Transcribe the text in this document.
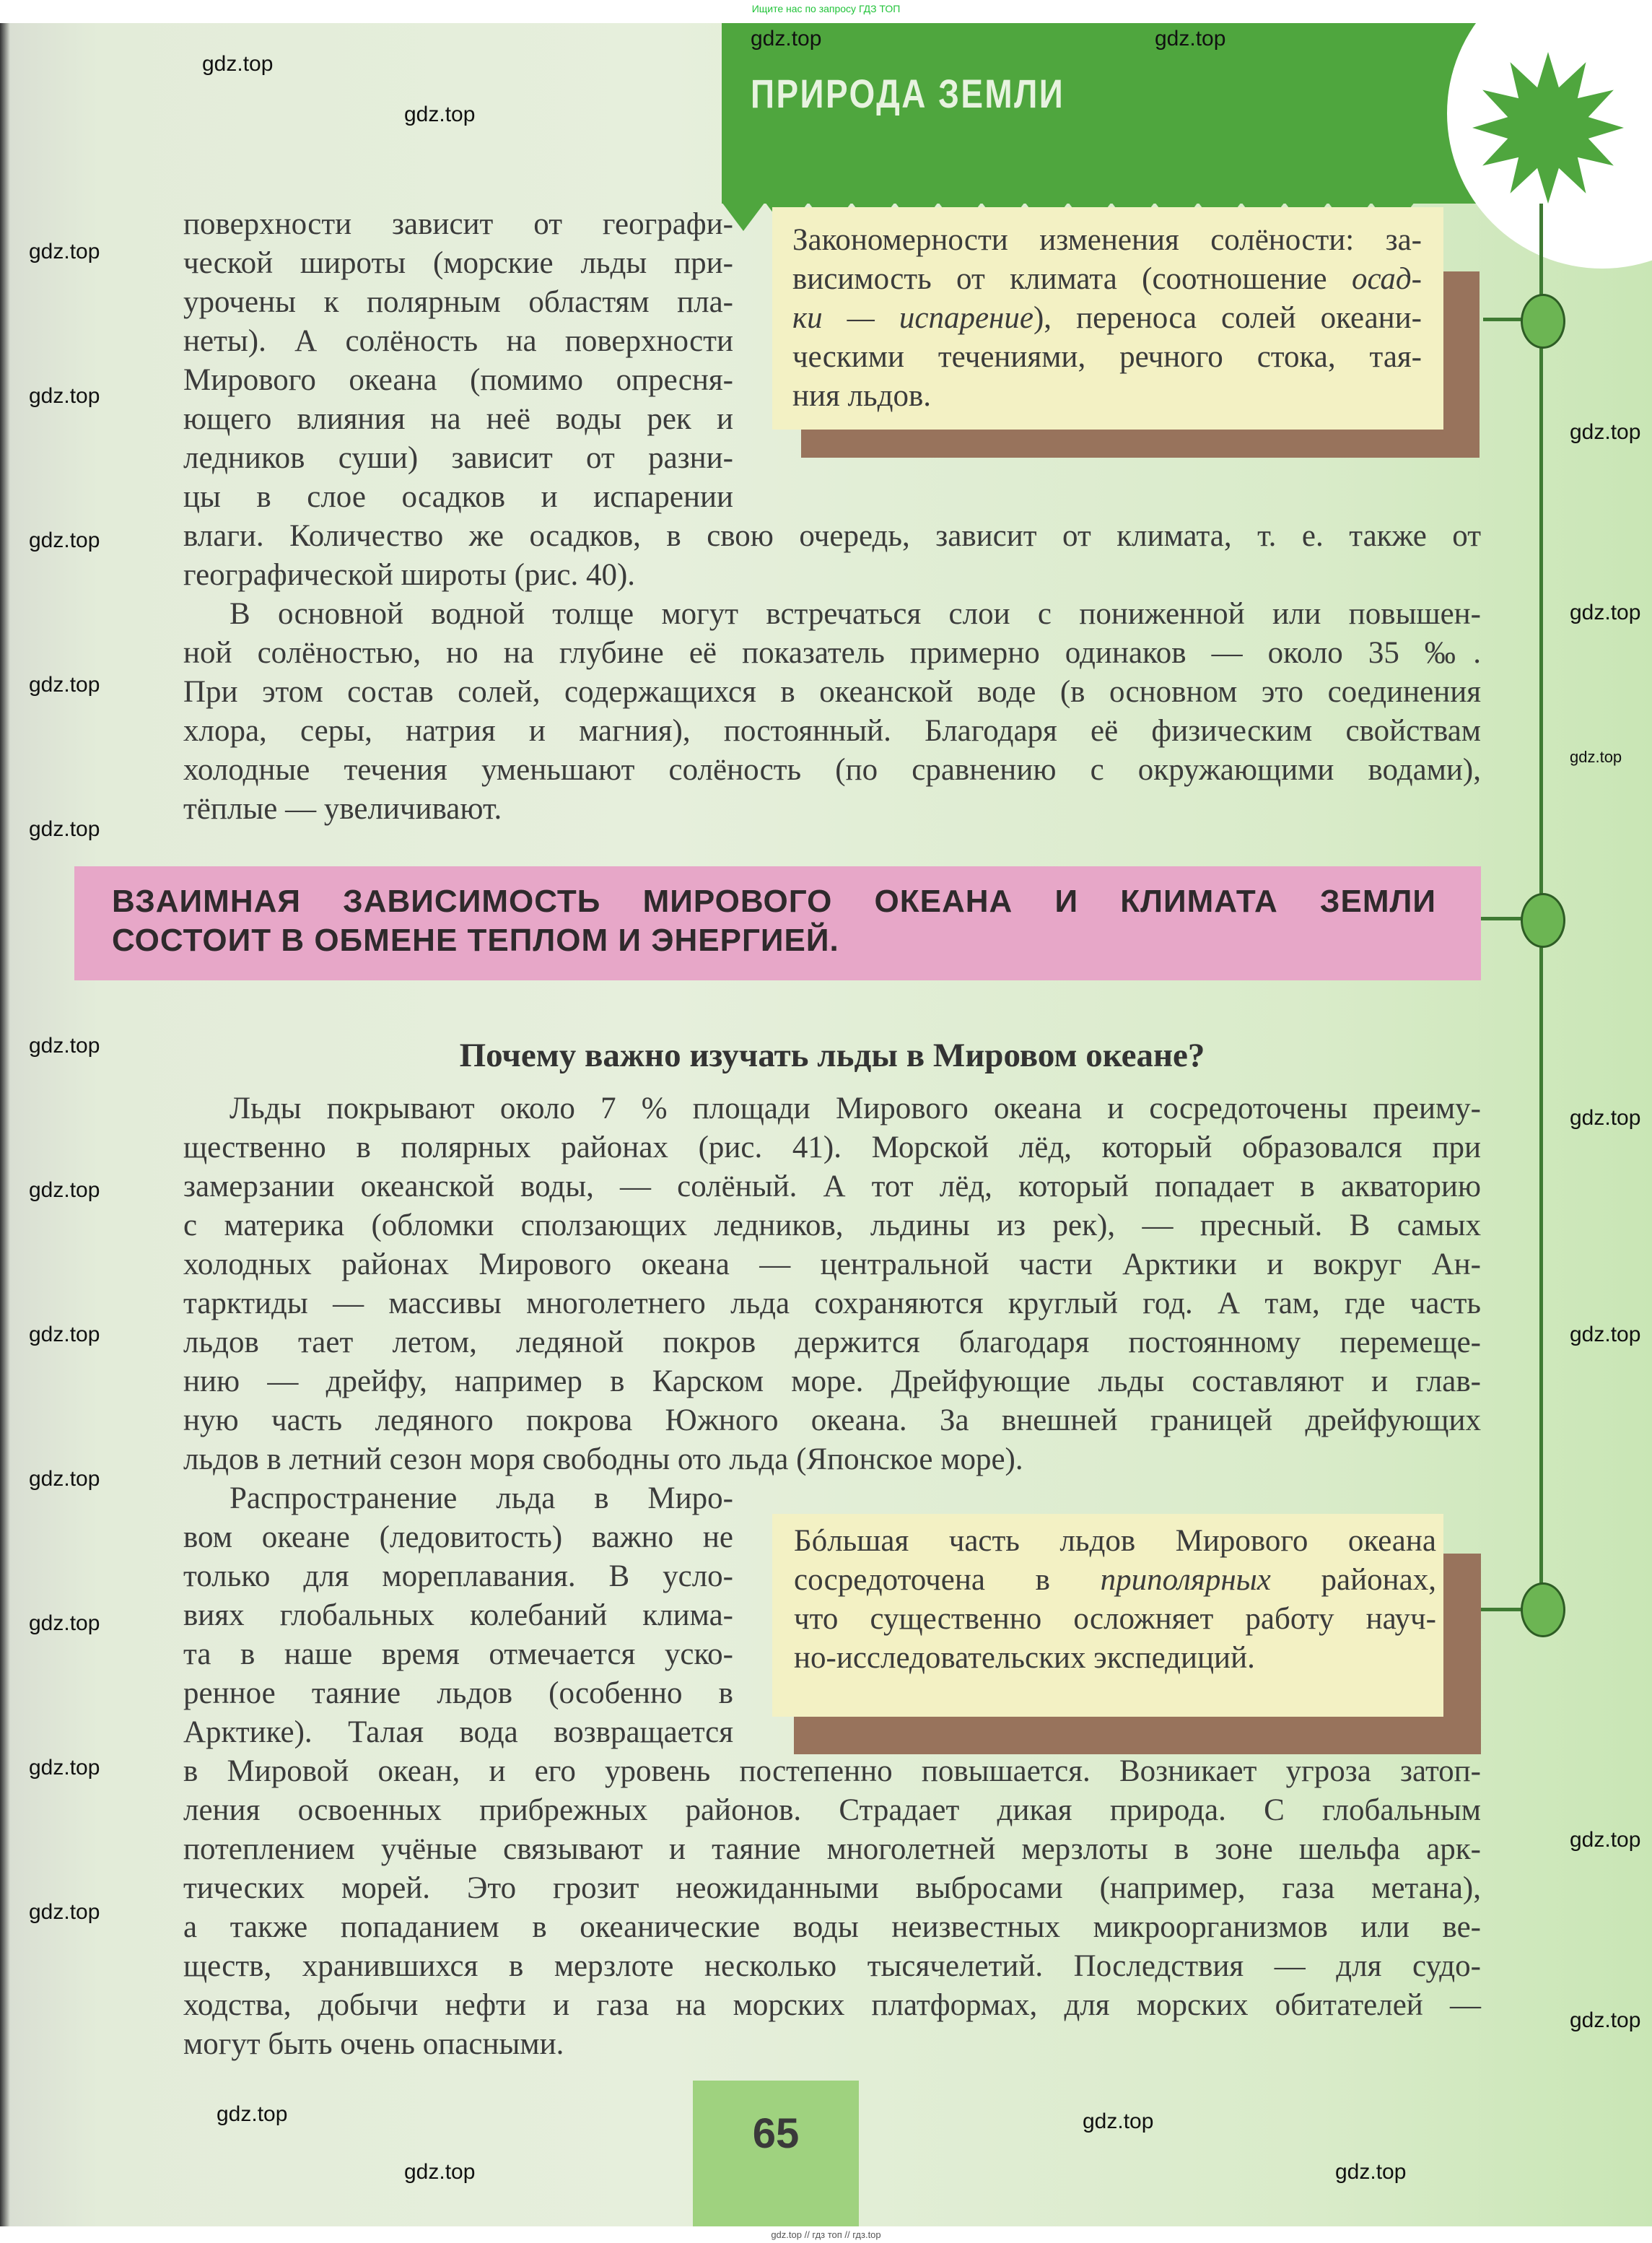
Ищите нас по запросу ГДЗ ТОП
ПРИРОДА ЗЕМЛИ
поверхности зависит от географи-
ческой широты (морские льды при-
урочены к полярным областям пла-
неты). А солёность на поверхности
Мирового океана (помимо опресня-
ющего влияния на неё воды рек и
ледников суши) зависит от разни-
цы в слое осадков и испарении
влаги. Количество же осадков, в свою очередь, зависит от климата, т. е. также от
географической широты (рис. 40).
В основной водной толще могут встречаться слои с пониженной или повышен-
ной солёностью, но на глубине её показатель примерно одинаков — около 35 ‰.
При этом состав солей, содержащихся в океанской воде (в основном это соединения
хлора, серы, натрия и магния), постоянный. Благодаря её физическим свойствам
холодные течения уменьшают солёность (по сравнению с окружающими водами),
тёплые — увеличивают.
Закономерности изменения солёности: за-
висимость от климата (соотношение осад-
ки — испарение), переноса солей океани-
ческими течениями, речного стока, тая-
ния льдов.
ВЗАИМНАЯ ЗАВИСИМОСТЬ МИРОВОГО ОКЕАНА И КЛИМАТА ЗЕМЛИ
СОСТОИТ В ОБМЕНЕ ТЕПЛОМ И ЭНЕРГИЕЙ.
Почему важно изучать льды в Мировом океане?
Льды покрывают около 7 % площади Мирового океана и сосредоточены преиму-
щественно в полярных районах (рис. 41). Морской лёд, который образовался при
замерзании океанской воды, — солёный. А тот лёд, который попадает в акваторию
с материка (обломки сползающих ледников, льдины из рек), — пресный. В самых
холодных районах Мирового океана — центральной части Арктики и вокруг Ан-
тарктиды — массивы многолетнего льда сохраняются круглый год. А там, где часть
льдов тает летом, ледяной покров держится благодаря постоянному перемеще-
нию — дрейфу, например в Карском море. Дрейфующие льды составляют и глав-
ную часть ледяного покрова Южного океана. За внешней границей дрейфующих
льдов в летний сезон моря свободны ото льда (Японское море).
Распространение льда в Миро-
вом океане (ледовитость) важно не
только для мореплавания. В усло-
виях глобальных колебаний клима-
та в наше время отмечается уско-
ренное таяние льдов (особенно в
Арктике). Талая вода возвращается
в Мировой океан, и его уровень постепенно повышается. Возникает угроза затоп-
ления освоенных прибрежных районов. Страдает дикая природа. С глобальным
потеплением учёные связывают и таяние многолетней мерзлоты в зоне шельфа арк-
тических морей. Это грозит неожиданными выбросами (например, газа метана),
а также попаданием в океанические воды неизвестных микроорганизмов или ве-
ществ, хранившихся в мерзлоте несколько тысячелетий. Последствия — для судо-
ходства, добычи нефти и газа на морских платформах, для морских обитателей —
могут быть очень опасными.
Бóльшая часть льдов Мирового океана
сосредоточена в приполярных районах,
что существенно осложняет работу науч-
но-исследовательских экспедиций.
65
gdz.top
gdz.top
gdz.top	gdz.top
gdz.top
gdz.top
gdz.top
gdz.top
gdz.top
gdz.top
gdz.top
gdz.top
gdz.top
gdz.top
gdz.top
gdz.top
gdz.top
gdz.top
gdz.top
gdz.top
gdz.top
gdz.top
gdz.top
gdz.top
gdz.top
gdz.top
gdz.top
gdz.top // гдз топ // гдз.top
